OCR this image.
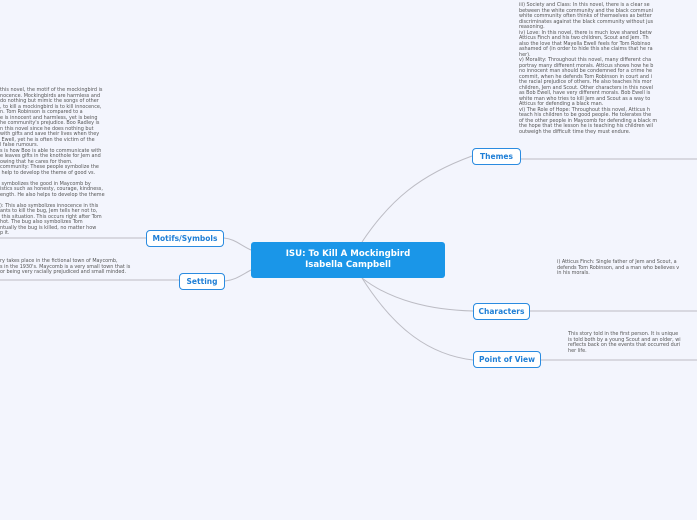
ISU: To Kill A Mockingbird
Isabella Campbell
Themes
Motifs/Symbols
Setting
Characters
Point of View
iii) Society and Class: In this novel, there is a clear se
between the white community and the black communi
white community often thinks of themselves as better
discriminates against the black community without jus
reasoning.
iv) Love: In this novel, there is much love shared betw
Atticus Finch and his two children, Scout and Jem. Th
also the love that Mayella Ewell feels for Tom Robinso
ashamed of (in order to hide this she claims that he ra
her).
v) Morality: Throughout this novel, many different cha
portray many different morals. Atticus shows how he b
no innocent man should be condemned for a crime he
commit, when he defends Tom Robinson in court and i
the racial prejudice of others. He also teaches his mor
children, Jem and Scout. Other characters in this novel
as Bob Ewell, have very different morals. Bob Ewell is
white man who tries to kill Jem and Scout as a way to
Atticus for defending a black man.
vi) The Role of Hope: Throughout this novel, Atticus h
teach his children to be good people. He tolerates the
of the other people in Maycomb for defending a black m
the hope that the lesson he is teaching his children wil
outweigh the difficult time they must endure.
this novel, the motif of the mockingbird is
nocence. Mockingbirds are harmless and
do nothing but mimic the songs of other
, to kill a mockingbird is to kill innocence,
n. Tom Robinson is compared to a
e is innocent and harmless, yet is being
he community's prejudice. Boo Radley is
n this novel since he does nothing but
with gifts and save their lives when they
Ewell, yet he is often the victim of the
l false rumours.
s is how Boo is able to communicate with
e leaves gifts in the knothole for Jem and
owing that he cares for them.
community: These people symbolize the
help to develop the theme of good vs.
symbolizes the good in Maycomb by
istics such as honesty, courage, kindness,
ength. He also helps to develop the theme
): This also symbolizes innocence in this
ants to kill the bug, Jem tells her not to,
this situation. This occurs right after Tom
hot. The bug also symbolizes Tom
ntually the bug is killed, no matter how
p it.
ry takes place in the fictional town of Maycomb,
s in the 1930's. Maycomb is a very small town that is
or being very racially prejudiced and small minded.
i) Atticus Finch: Single father of Jem and Scout, a
defends Tom Robinson, and a man who believes v
in his morals.
This story told in the first person. It is unique
is told both by a young Scout and an older, wi
reflects back on the events that occurred duri
her life.
